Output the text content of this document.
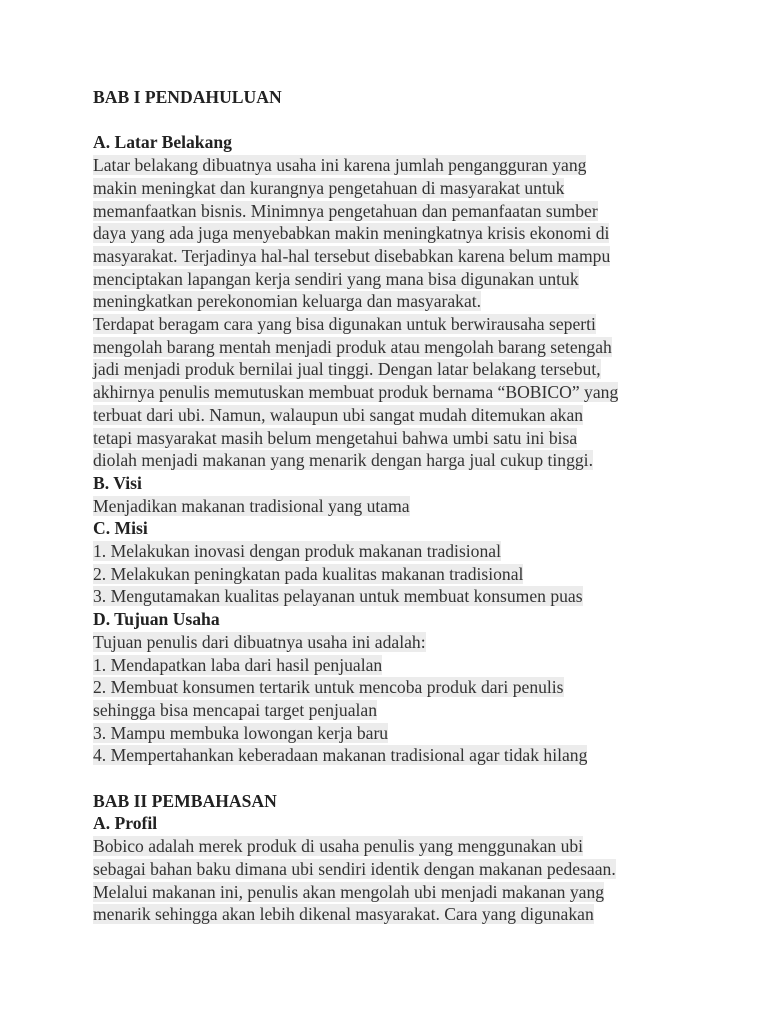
BAB I PENDAHULUAN
A. Latar Belakang
Latar belakang dibuatnya usaha ini karena jumlah pengangguran yang
makin meningkat dan kurangnya pengetahuan di masyarakat untuk
memanfaatkan bisnis. Minimnya pengetahuan dan pemanfaatan sumber
daya yang ada juga menyebabkan makin meningkatnya krisis ekonomi di
masyarakat. Terjadinya hal-hal tersebut disebabkan karena belum mampu
menciptakan lapangan kerja sendiri yang mana bisa digunakan untuk
meningkatkan perekonomian keluarga dan masyarakat.
Terdapat beragam cara yang bisa digunakan untuk berwirausaha seperti
mengolah barang mentah menjadi produk atau mengolah barang setengah
jadi menjadi produk bernilai jual tinggi. Dengan latar belakang tersebut,
akhirnya penulis memutuskan membuat produk bernama “BOBICO” yang
terbuat dari ubi. Namun, walaupun ubi sangat mudah ditemukan akan
tetapi masyarakat masih belum mengetahui bahwa umbi satu ini bisa
diolah menjadi makanan yang menarik dengan harga jual cukup tinggi.
B. Visi
Menjadikan makanan tradisional yang utama
C. Misi
1. Melakukan inovasi dengan produk makanan tradisional
2. Melakukan peningkatan pada kualitas makanan tradisional
3. Mengutamakan kualitas pelayanan untuk membuat konsumen puas
D. Tujuan Usaha
Tujuan penulis dari dibuatnya usaha ini adalah:
1. Mendapatkan laba dari hasil penjualan
2. Membuat konsumen tertarik untuk mencoba produk dari penulis
sehingga bisa mencapai target penjualan
3. Mampu membuka lowongan kerja baru
4. Mempertahankan keberadaan makanan tradisional agar tidak hilang
BAB II PEMBAHASAN
A. Profil
Bobico adalah merek produk di usaha penulis yang menggunakan ubi
sebagai bahan baku dimana ubi sendiri identik dengan makanan pedesaan.
Melalui makanan ini, penulis akan mengolah ubi menjadi makanan yang
menarik sehingga akan lebih dikenal masyarakat. Cara yang digunakan
